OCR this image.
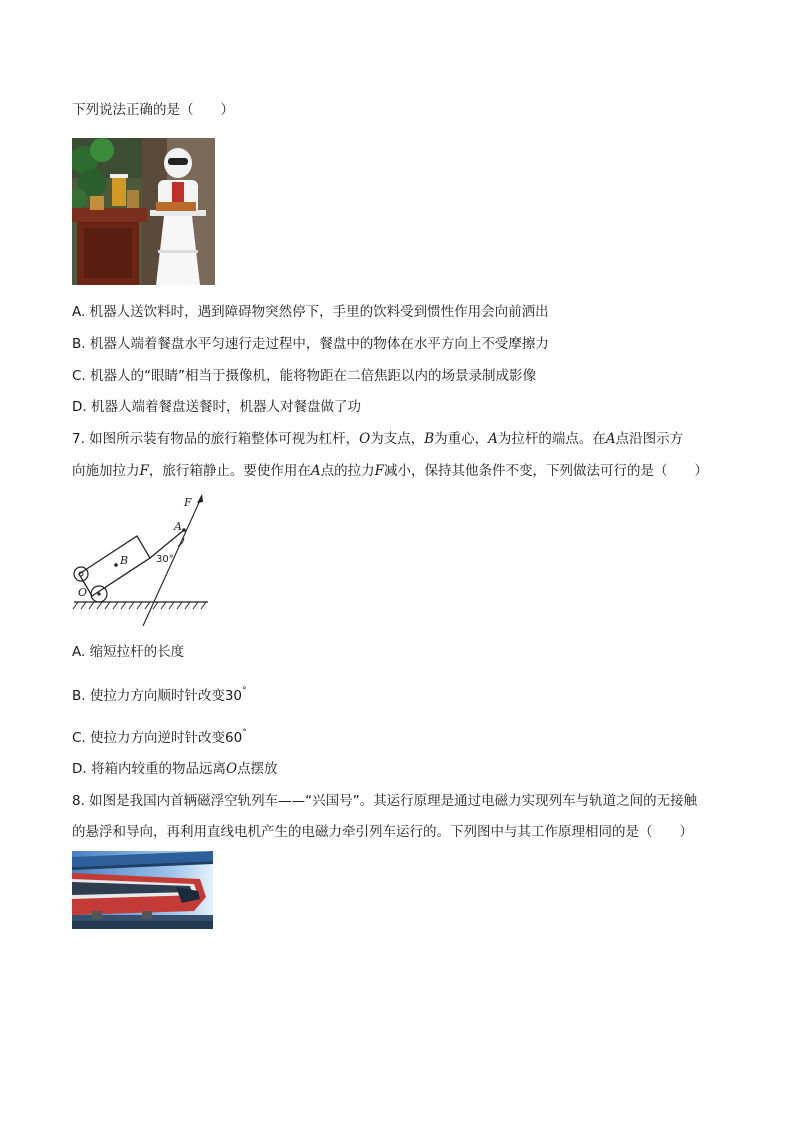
下列说法正确的是（　　）
A. 机器人送饮料时，遇到障碍物突然停下，手里的饮料受到惯性作用会向前洒出
B. 机器人端着餐盘水平匀速行走过程中，餐盘中的物体在水平方向上不受摩擦力
C. 机器人的“眼睛”相当于摄像机，能将物距在二倍焦距以内的场景录制成影像
D. 机器人端着餐盘送餐时，机器人对餐盘做了功
7. 如图所示装有物品的旅行箱整体可视为杠杆，O为支点，B为重心，A为拉杆的端点。在A点沿图示方
向施加拉力F，旅行箱静止。要使作用在A点的拉力F减小，保持其他条件不变，下列做法可行的是（　　）
F
A
B
O
30°
A. 缩短拉杆的长度
B. 使拉力方向顺时针改变30°
C. 使拉力方向逆时针改变60°
D. 将箱内较重的物品远离O点摆放
8. 如图是我国内首辆磁浮空轨列车——“兴国号”。其运行原理是通过电磁力实现列车与轨道之间的无接触
的悬浮和导向，再利用直线电机产生的电磁力牵引列车运行的。下列图中与其工作原理相同的是（　　）
